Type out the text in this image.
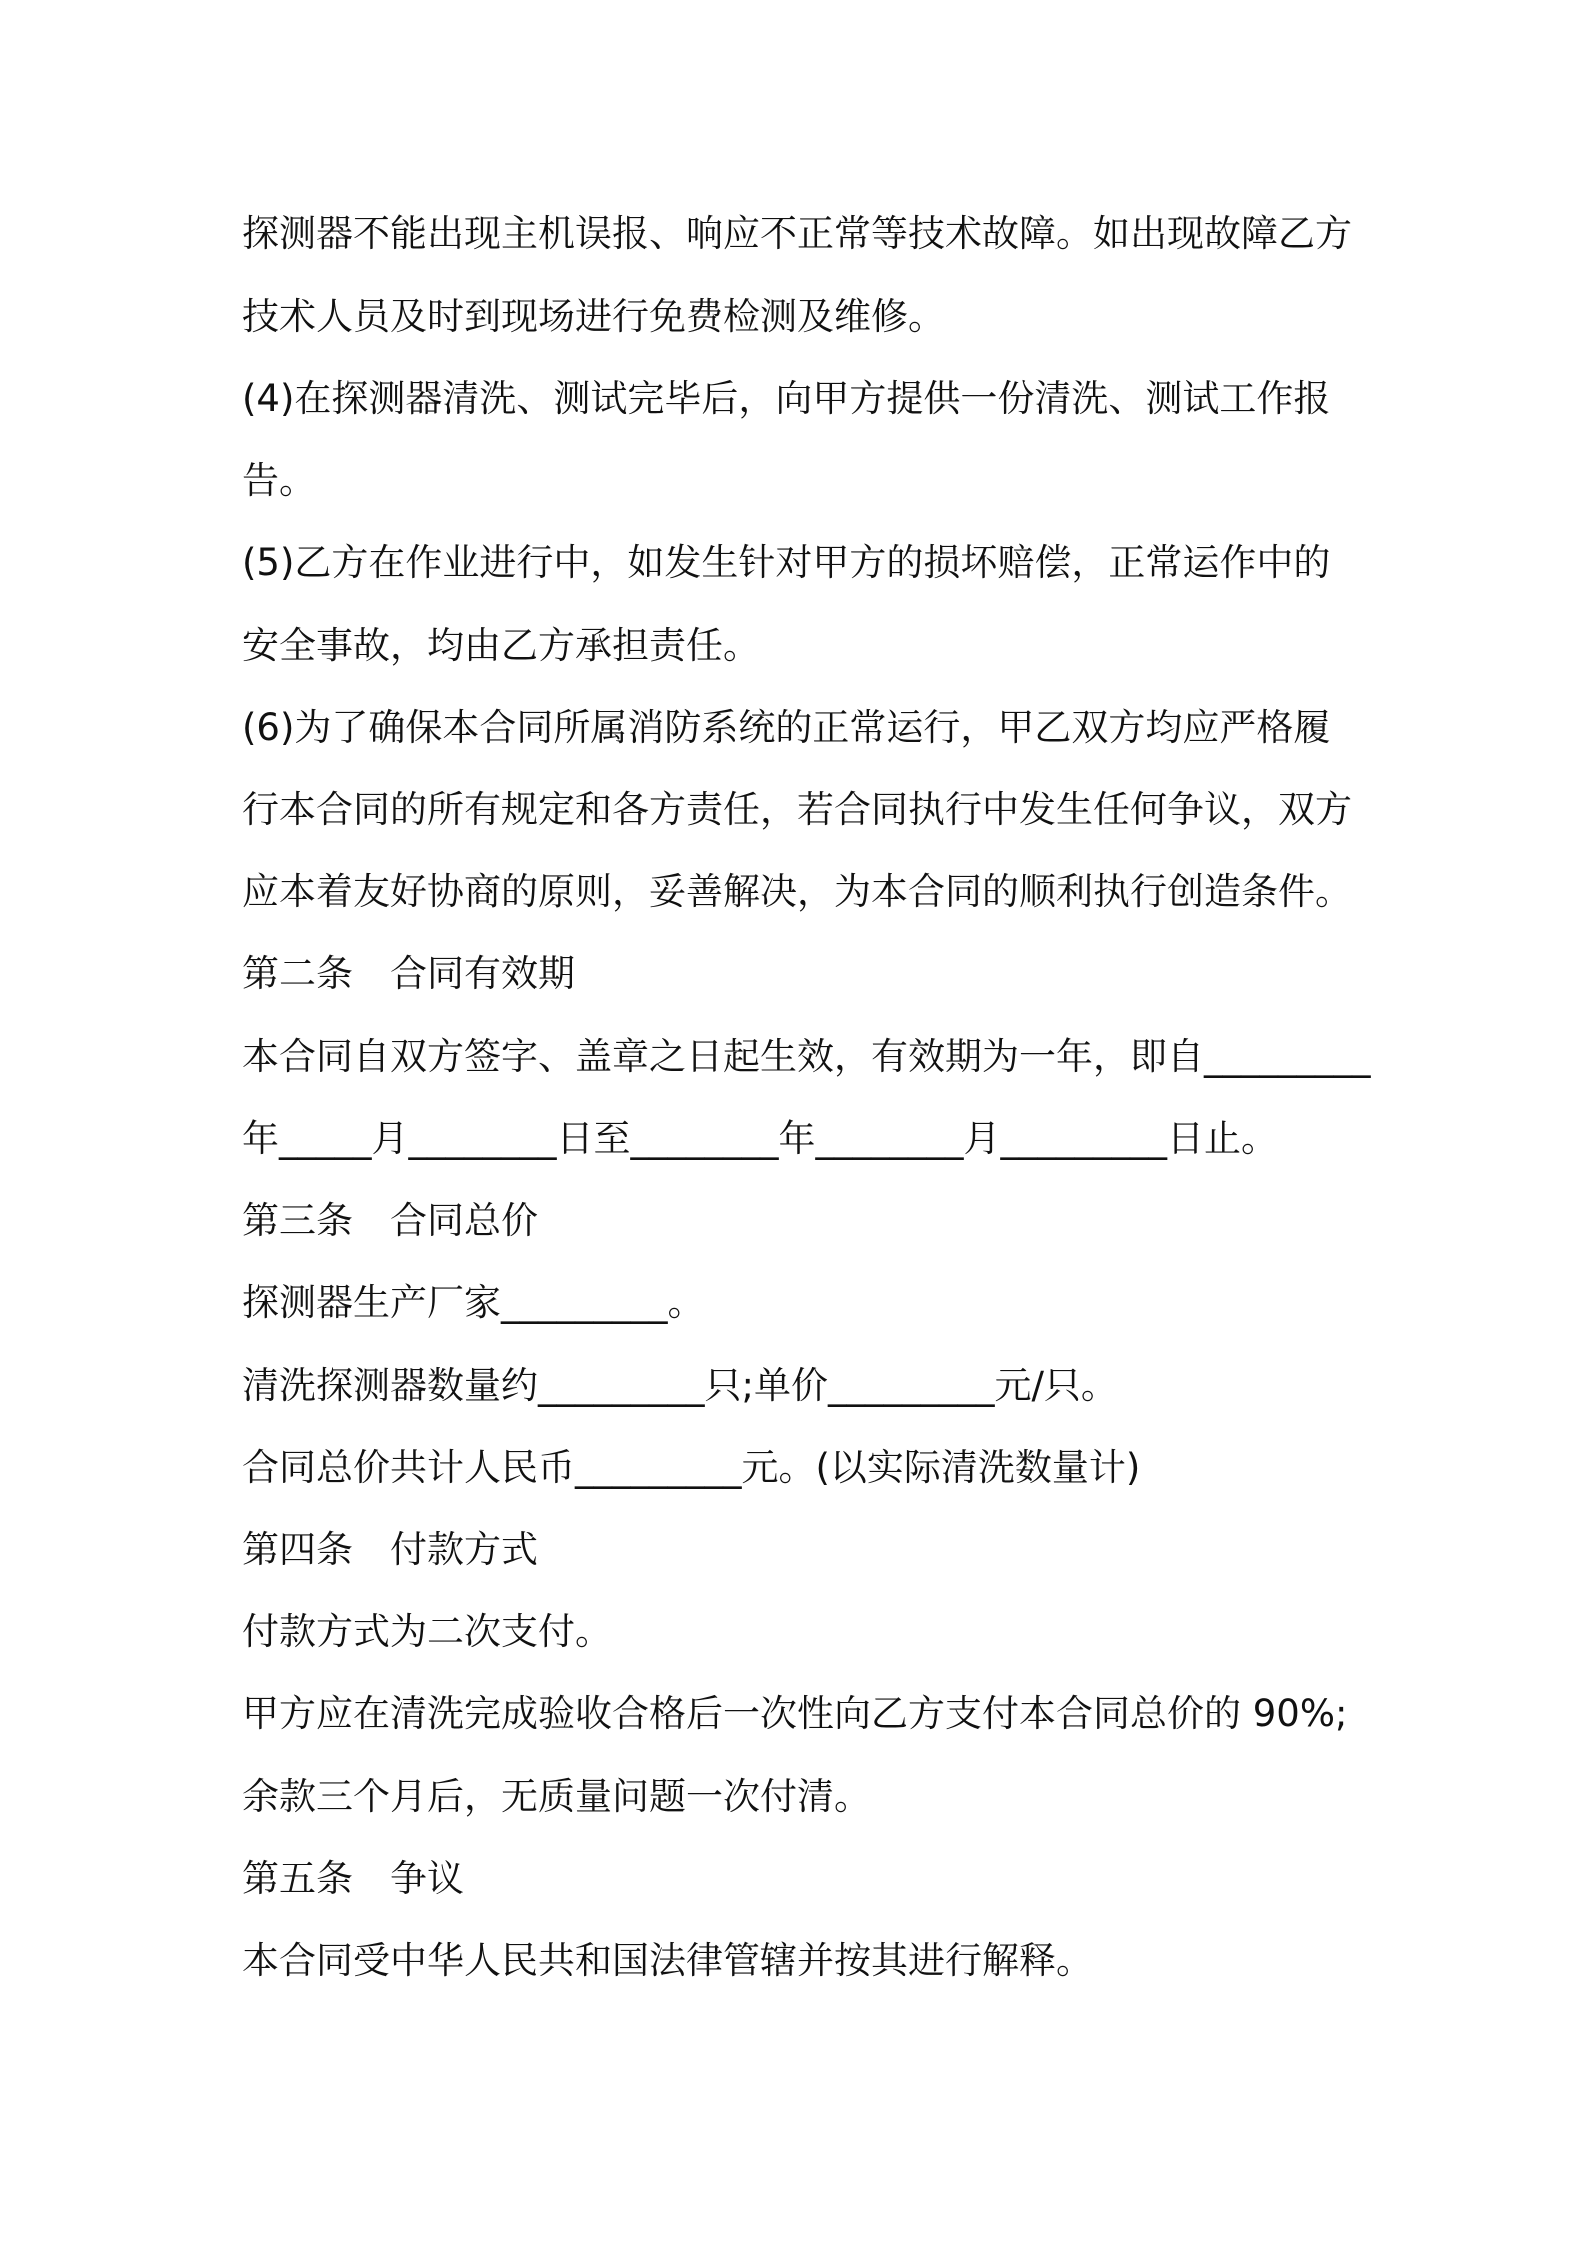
探测器不能出现主机误报、响应不正常等技术故障。如出现故障乙方
技术人员及时到现场进行免费检测及维修。
(4)在探测器清洗、测试完毕后，向甲方提供一份清洗、测试工作报
告。
(5)乙方在作业进行中，如发生针对甲方的损坏赔偿，正常运作中的
安全事故，均由乙方承担责任。
(6)为了确保本合同所属消防系统的正常运行，甲乙双方均应严格履
行本合同的所有规定和各方责任，若合同执行中发生任何争议，双方
应本着友好协商的原则，妥善解决，为本合同的顺利执行创造条件。
第二条　合同有效期
本合同自双方签字、盖章之日起生效，有效期为一年，即自_________
年_____月________日至________年________月_________日止。
第三条　合同总价
探测器生产厂家_________。
清洗探测器数量约_________只;单价_________元/只。
合同总价共计人民币_________元。(以实际清洗数量计)
第四条　付款方式
付款方式为二次支付。
甲方应在清洗完成验收合格后一次性向乙方支付本合同总价的 90%;
余款三个月后，无质量问题一次付清。
第五条　争议
本合同受中华人民共和国法律管辖并按其进行解释。
